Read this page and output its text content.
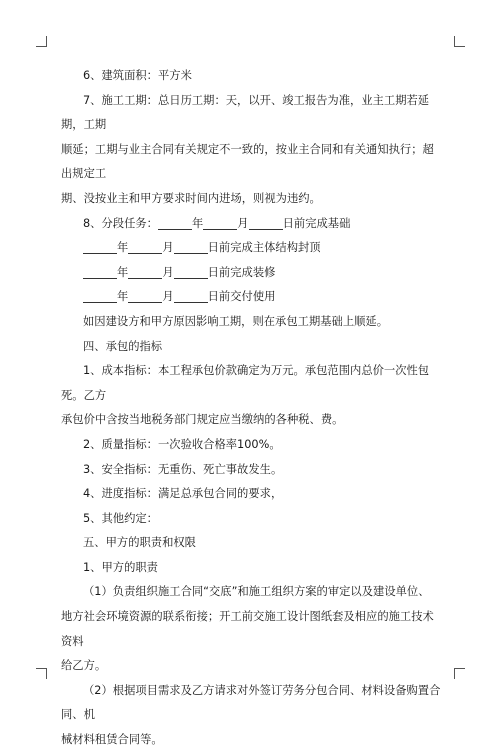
6、建筑面积：平方米

7、施工工期：总日历工期：天，以开、竣工报告为准，业主工期若延期，工期

顺延；工期与业主合同有关规定不一致的，按业主合同和有关通知执行；超出规定工

期、没按业主和甲方要求时间内进场，则视为违约。

8、分段任务：	年	月	日前完成基础

年	月	日前完成主体结构封顶

年	月	日前完成装修

年	月	日前交付使用

如因建设方和甲方原因影响工期，则在承包工期基础上顺延。

四、承包的指标

1、成本指标：本工程承包价款确定为万元。承包范围内总价一次性包死。乙方

承包价中含按当地税务部门规定应当缴纳的各种税、费。

2、质量指标：一次验收合格率100%。

3、安全指标：无重伤、死亡事故发生。

4、进度指标：满足总承包合同的要求，

5、其他约定：

五、甲方的职责和权限

1、甲方的职责

（1）负责组织施工合同“交底”和施工组织方案的审定以及建设单位、

地方社会环境资源的联系衔接；开工前交施工设计图纸套及相应的施工技术资料

给乙方。

（2）根据项目需求及乙方请求对外签订劳务分包合同、材料设备购置合同、机

械材料租赁合同等。
